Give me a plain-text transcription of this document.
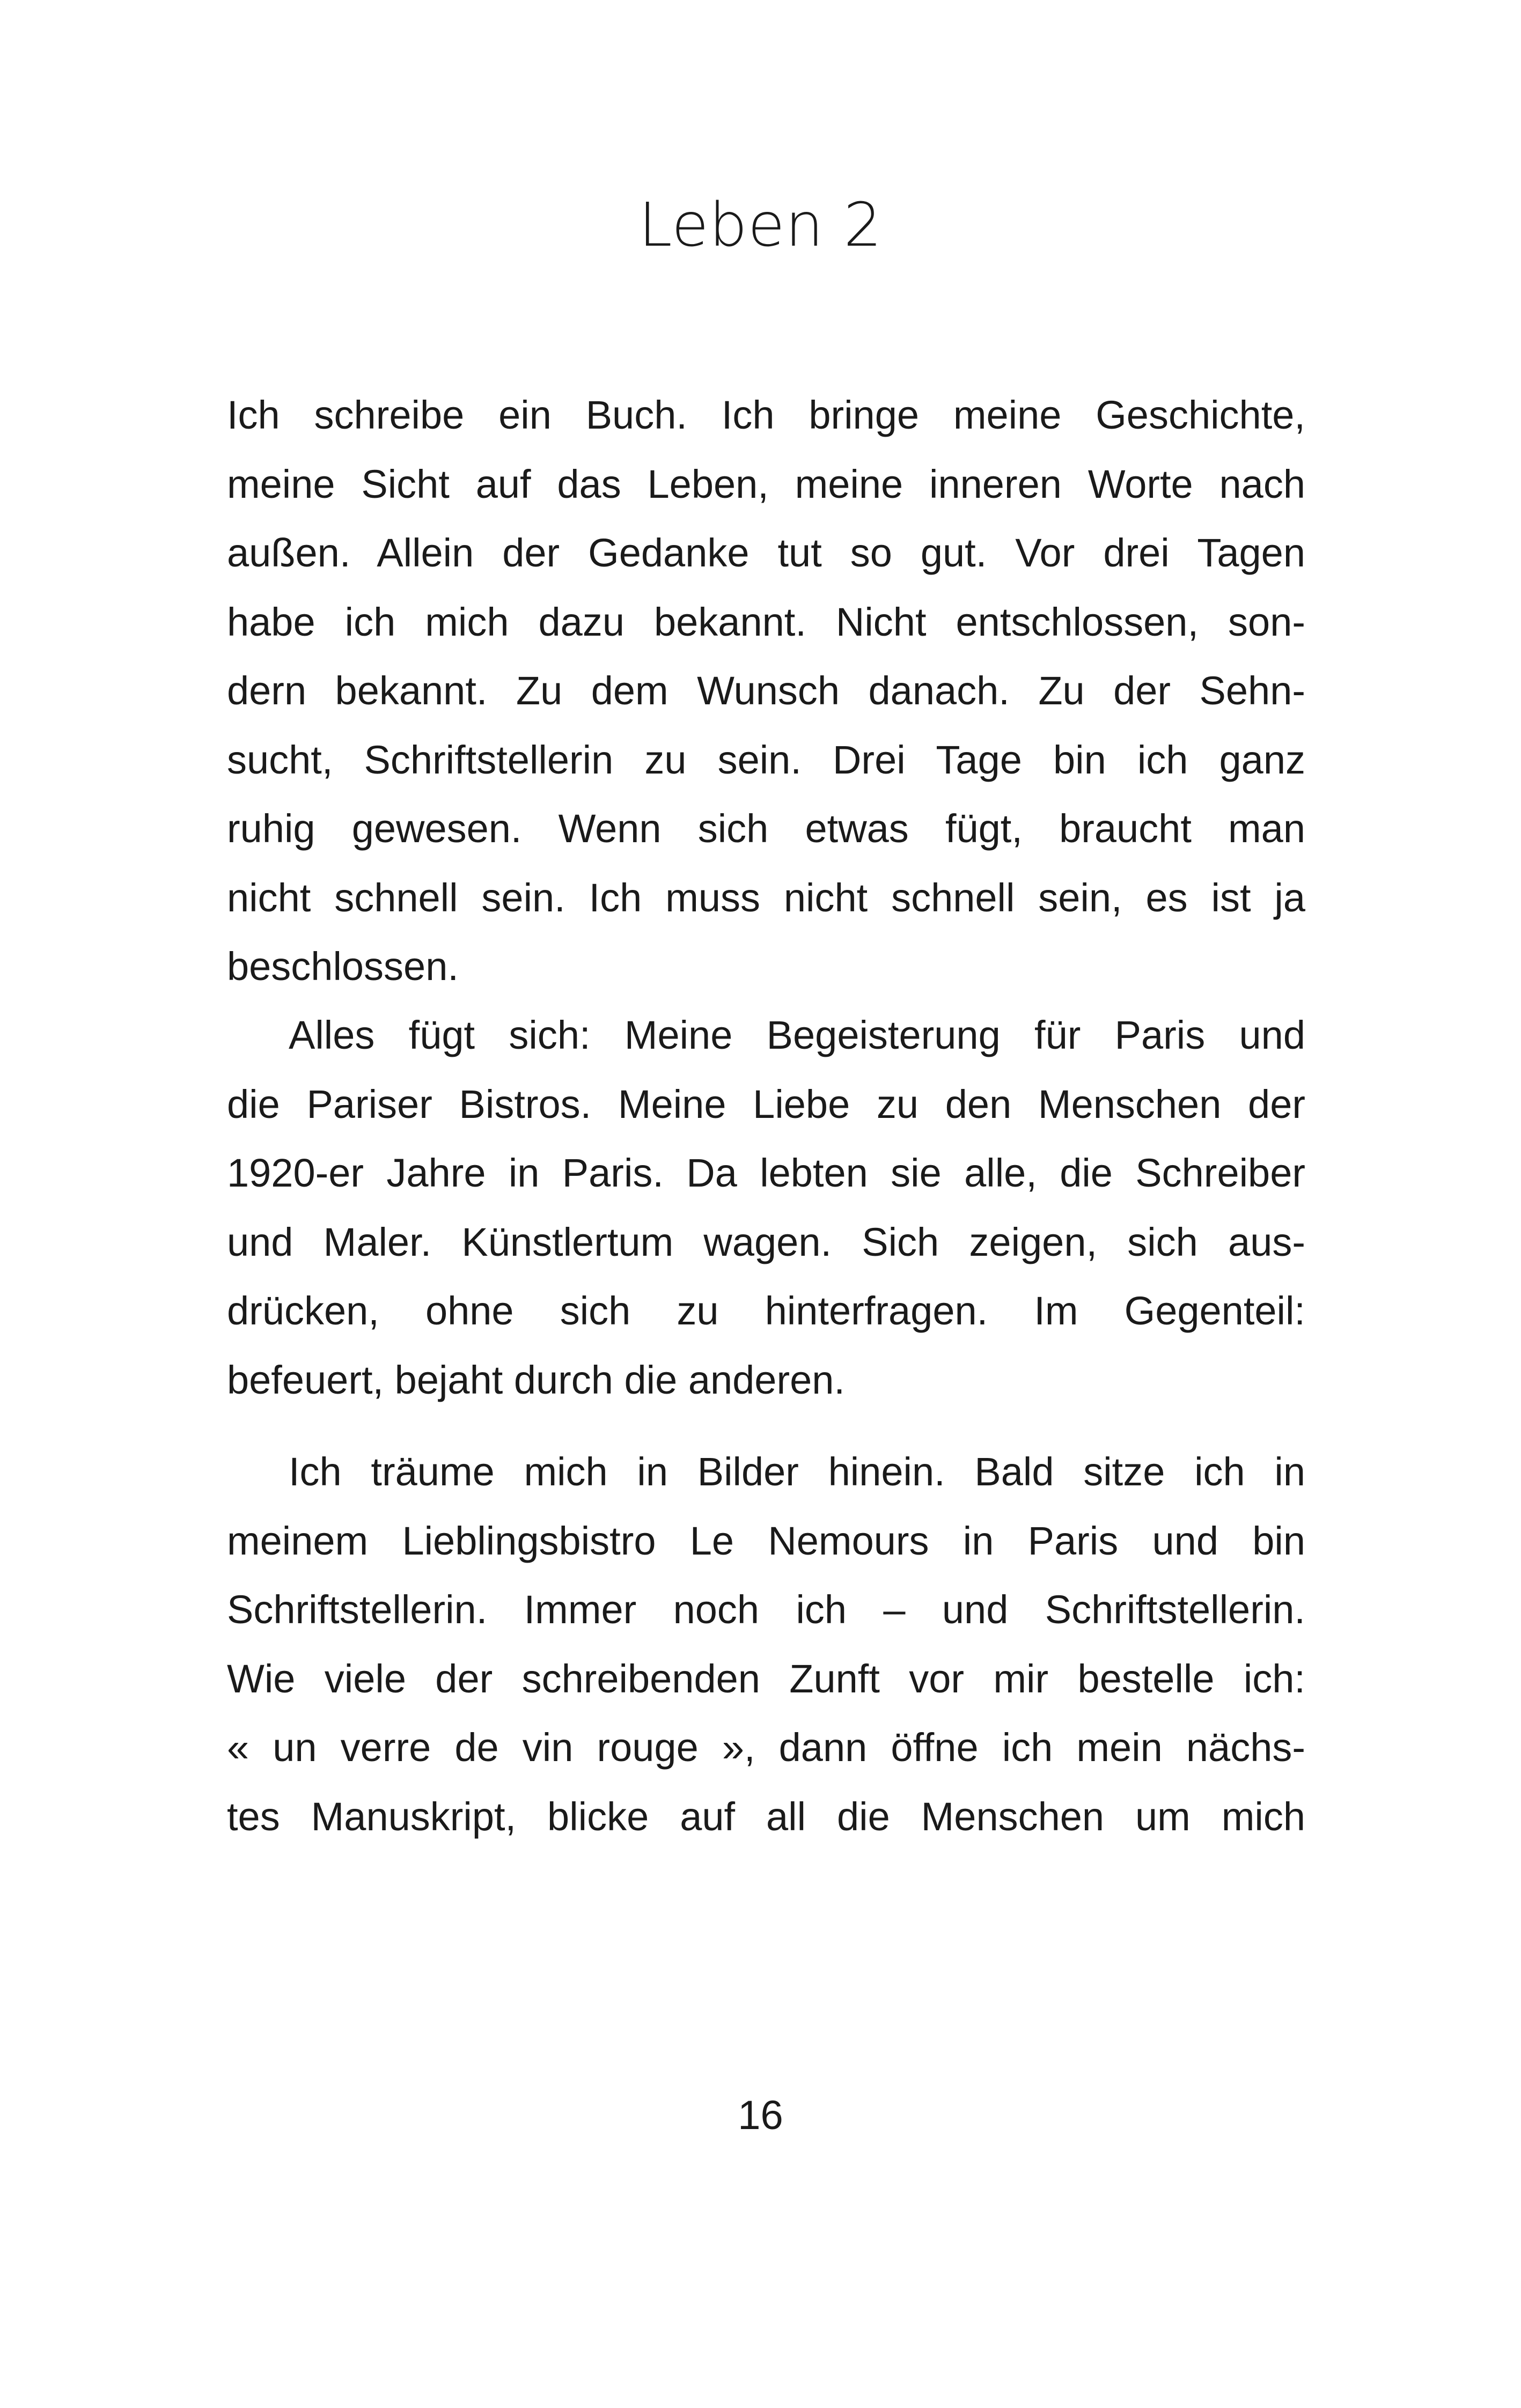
Leben 2
Ich schreibe ein Buch. Ich bringe meine Geschichte,
meine Sicht auf das Leben, meine inneren Worte nach
außen. Allein der Gedanke tut so gut. Vor drei Tagen
habe ich mich dazu bekannt. Nicht entschlossen, son-
dern bekannt. Zu dem Wunsch danach. Zu der Sehn-
sucht, Schriftstellerin zu sein. Drei Tage bin ich ganz
ruhig gewesen. Wenn sich etwas fügt, braucht man
nicht schnell sein. Ich muss nicht schnell sein, es ist ja
beschlossen.
Alles fügt sich: Meine Begeisterung für Paris und
die Pariser Bistros. Meine Liebe zu den Menschen der
1920-er Jahre in Paris. Da lebten sie alle, die Schreiber
und Maler. Künstlertum wagen. Sich zeigen, sich aus-
drücken, ohne sich zu hinterfragen. Im Gegenteil:
befeuert, bejaht durch die anderen.
Ich träume mich in Bilder hinein. Bald sitze ich in
meinem Lieblingsbistro Le Nemours in Paris und bin
Schriftstellerin. Immer noch ich – und Schriftstellerin.
Wie viele der schreibenden Zunft vor mir bestelle ich:
« un verre de vin rouge », dann öffne ich mein nächs-
tes Manuskript, blicke auf all die Menschen um mich
16
